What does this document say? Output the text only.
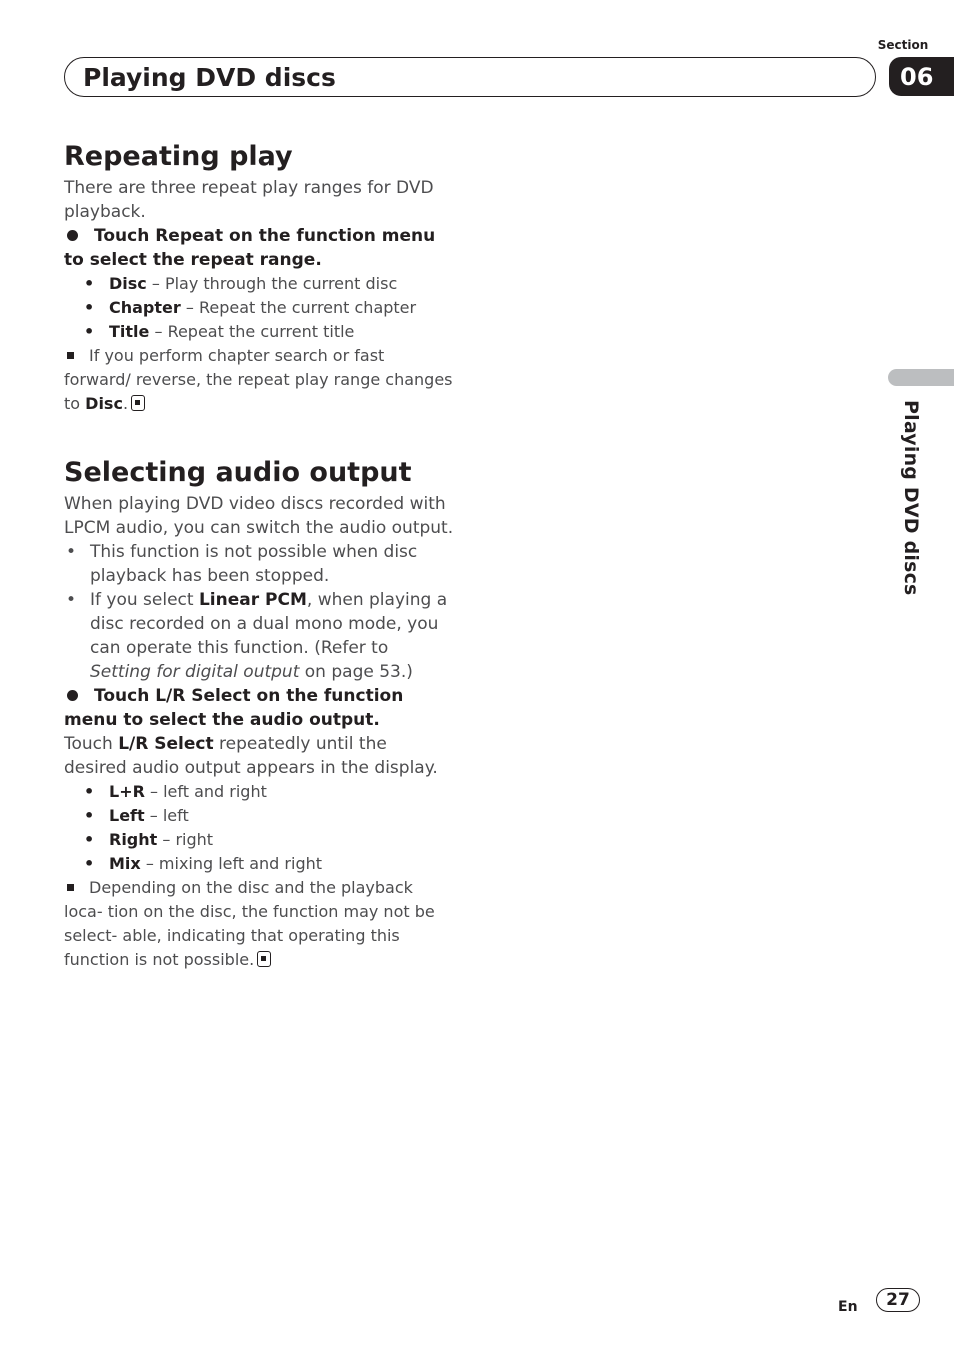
Section
06
Playing DVD discs
Playing DVD discs
Repeating play

There are three repeat play ranges for DVD playback.

Touch Repeat on the function menu to select the repeat range.

• Disc – Play through the current disc
• Chapter – Repeat the current chapter
• Title – Repeat the current title

If you perform chapter search or fast forward/ reverse, the repeat play range changes to Disc.

Selecting audio output

When playing DVD video discs recorded with LPCM audio, you can switch the audio output.

• This function is not possible when disc playback has been stopped.
• If you select Linear PCM, when playing a disc recorded on a dual mono mode, you can operate this function. (Refer to Setting for digital output on page 53.)

Touch L/R Select on the function menu to select the audio output.

Touch L/R Select repeatedly until the desired audio output appears in the display.

• L+R – left and right
• Left – left
• Right – right
• Mix – mixing left and right

Depending on the disc and the playback loca- tion on the disc, the function may not be select- able, indicating that operating this function is not possible.

En	27
